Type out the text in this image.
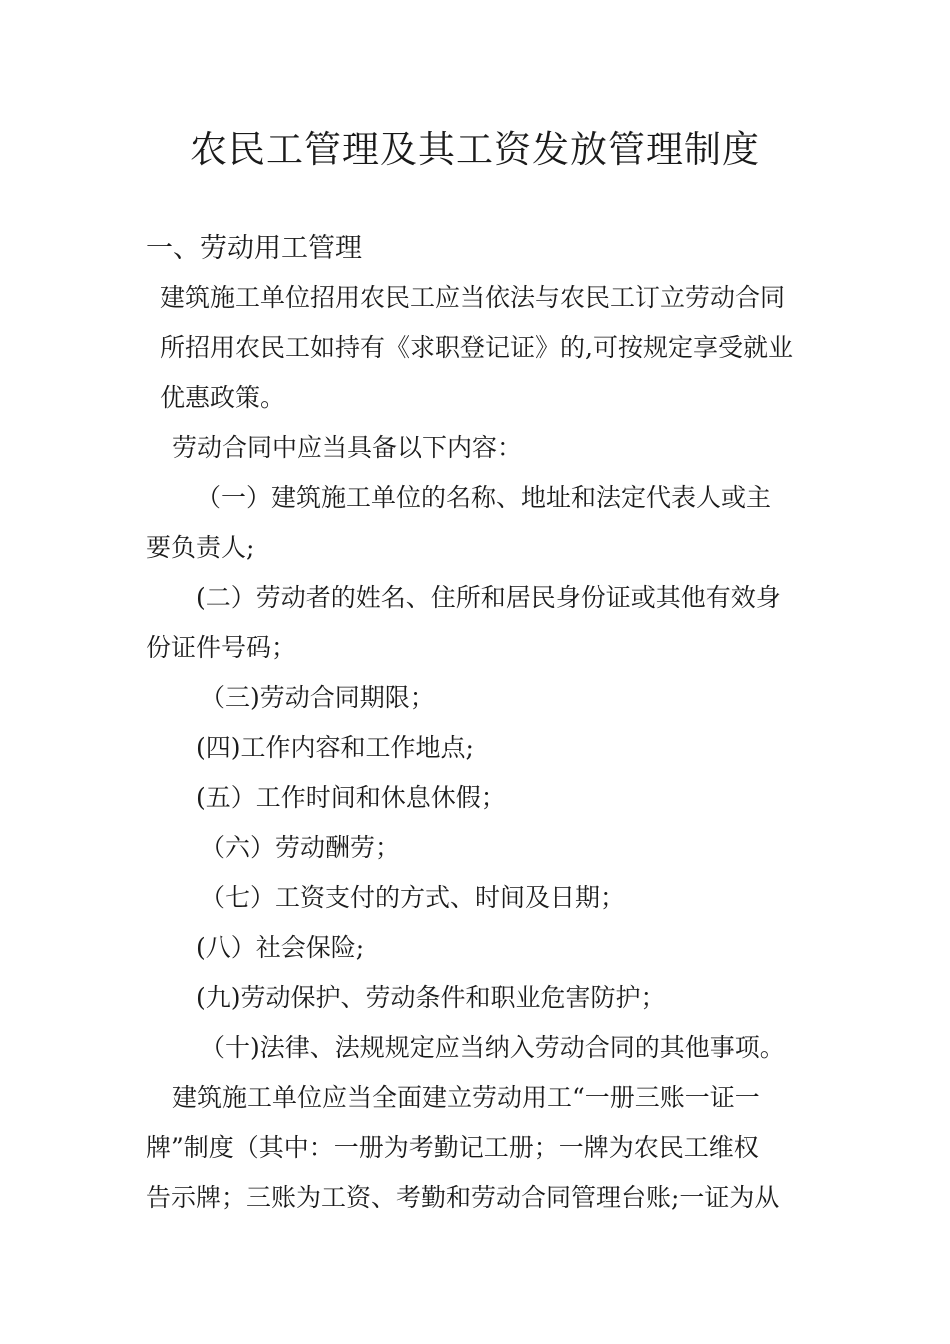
农民工管理及其工资发放管理制度
一、劳动用工管理
建筑施工单位招用农民工应当依法与农民工订立劳动合同
所招用农民工如持有《求职登记证》的,可按规定享受就业
优惠政策。
劳动合同中应当具备以下内容：
（一）建筑施工单位的名称、地址和法定代表人或主
要负责人;
(二）劳动者的姓名、住所和居民身份证或其他有效身
份证件号码；
（三)劳动合同期限；
(四)工作内容和工作地点;
(五）工作时间和休息休假；
（六）劳动酬劳；
（七）工资支付的方式、时间及日期；
(八）社会保险;
(九)劳动保护、劳动条件和职业危害防护；
（十)法律、法规规定应当纳入劳动合同的其他事项。
建筑施工单位应当全面建立劳动用工“一册三账一证一
牌”制度（其中：一册为考勤记工册；一牌为农民工维权
告示牌；三账为工资、考勤和劳动合同管理台账;一证为从
